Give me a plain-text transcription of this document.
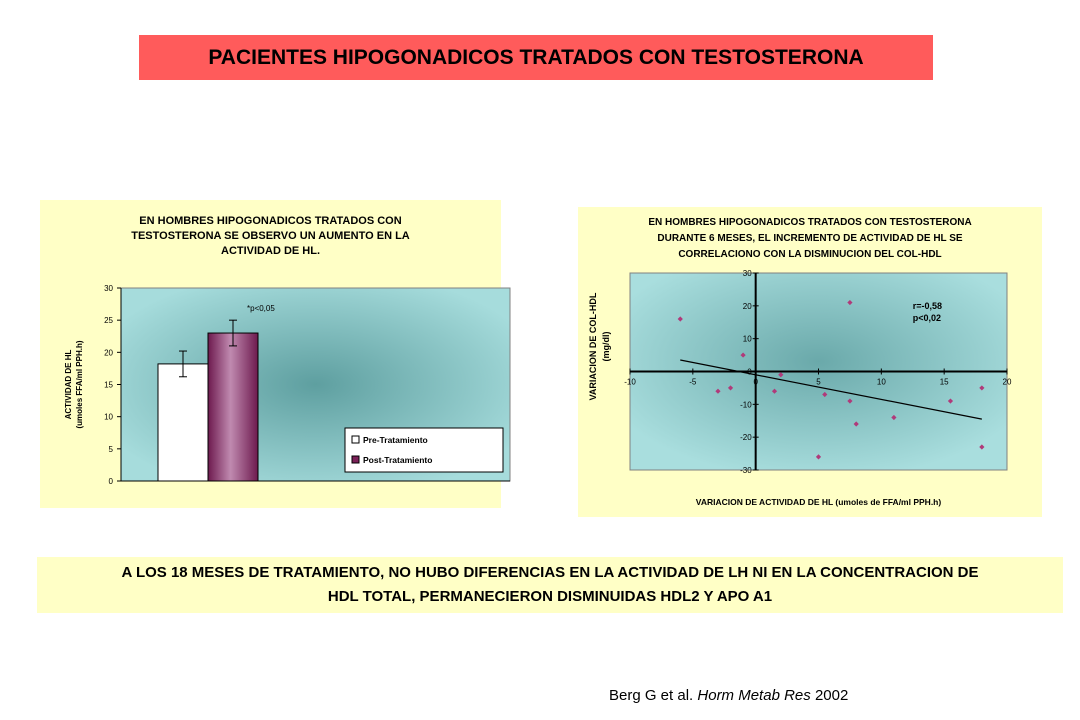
PACIENTES HIPOGONADICOS TRATADOS CON TESTOSTERONA
EN HOMBRES HIPOGONADICOS TRATADOS CON
TESTOSTERONA SE OBSERVO UN AUMENTO EN LA
ACTIVIDAD DE HL.
0
5
10
15
20
25
30
*p<0,05
ACTIVIDAD DE HL (umoles FFA/ml PPH.h)
Pre-Tratamiento
Post-Tratamiento
EN HOMBRES HIPOGONADICOS TRATADOS CON TESTOSTERONA
DURANTE 6 MESES, EL INCREMENTO DE ACTIVIDAD DE HL SE
CORRELACIONO CON LA DISMINUCION DEL COL-HDL
-10	-5	0	5	10	15	20
-30
-20
-10
0
10
20
30
r=-0,58 p<0,02
VARIACION DE ACTIVIDAD DE HL (umoles de FFA/ml PPH.h)
VARIACION DE COL-HDL (mg/dl)
A LOS 18 MESES DE TRATAMIENTO, NO HUBO DIFERENCIAS EN LA ACTIVIDAD DE LH NI EN LA CONCENTRACION DE
HDL TOTAL, PERMANECIERON DISMINUIDAS HDL2 Y APO A1
Berg G et al. Horm Metab Res 2002
